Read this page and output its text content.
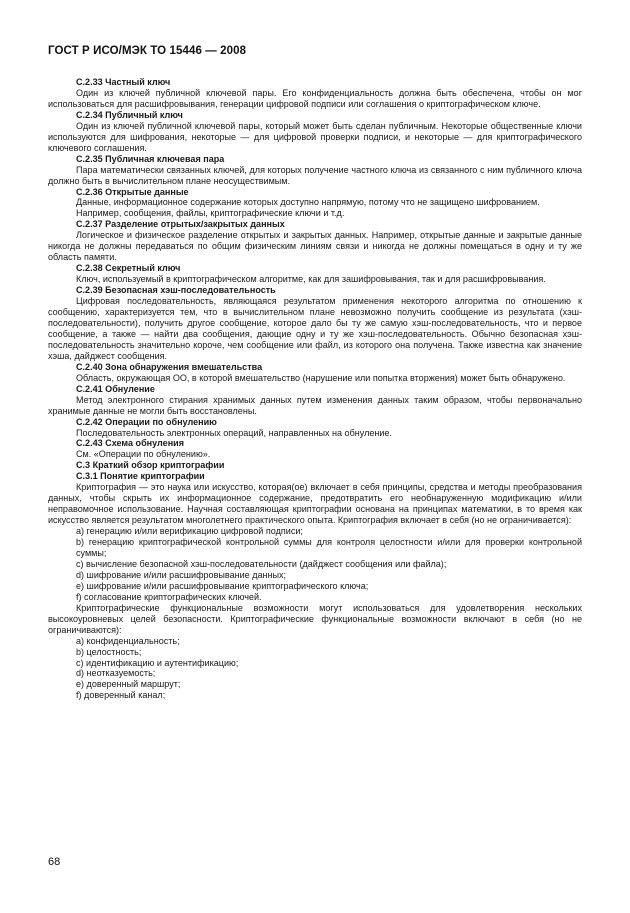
ГОСТ Р ИСО/МЭК ТО 15446 — 2008

С.2.33 Частный ключ

Один из ключей публичной ключевой пары. Его конфиденциальность должна быть обеспечена, чтобы он мог использоваться для расшифровывания, генерации цифровой подписи или соглашения о криптографическом ключе.

С.2.34 Публичный ключ

Один из ключей публичной ключевой пары, который может быть сделан публичным. Некоторые общественные ключи используются для шифрования, некоторые — для цифровой проверки подписи, и некоторые — для криптографического ключевого соглашения.

С.2.35 Публичная ключевая пара

Пара математически связанных ключей, для которых получение частного ключа из связанного с ним публичного ключа должно быть в вычислительном плане неосуществимым.

С.2.36 Открытые данные

Данные, информационное содержание которых доступно напрямую, потому что не защищено шифрованием.

Например, сообщения, файлы, криптографические ключи и т.д.

С.2.37 Разделение отрытых/закрытых данных

Логическое и физическое разделение открытых и закрытых данных. Например, открытые данные и закрытые данные никогда не должны передаваться по общим физическим линиям связи и никогда не должны помещаться в одну и ту же область памяти.

С.2.38 Секретный ключ

Ключ, используемый в криптографическом алгоритме, как для зашифровывания, так и для расшифровывания.

С.2.39 Безопасная хэш-последовательность

Цифровая последовательность, являющаяся результатом применения некоторого алгоритма по отношению к сообщению, характеризуется тем, что в вычислительном плане невозможно получить сообщение из результата (хэш-последовательности), получить другое сообщение, которое дало бы ту же самую хэш-последовательность, что и первое сообщение, а также — найти два сообщения, дающие одну и ту же хэш-последовательность. Обычно безопасная хэш-последовательность значительно короче, чем сообщение или файл, из которого она получена. Также известна как значение хэша, дайджест сообщения.

С.2.40 Зона обнаружения вмешательства

Область, окружающая ОО, в которой вмешательство (нарушение или попытка вторжения) может быть обнаружено.

С.2.41 Обнуление

Метод электронного стирания хранимых данных путем изменения данных таким образом, чтобы первоначально хранимые данные не могли быть восстановлены.

С.2.42 Операции по обнулению

Последовательность электронных операций, направленных на обнуление.

С.2.43 Схема обнуления

См. «Операции по обнулению».

С.3 Краткий обзор криптографии

С.3.1 Понятие криптографии

Криптография — это наука или искусство, которая(ое) включает в себя принципы, средства и методы преобразования данных, чтобы скрыть их информационное содержание, предотвратить его необнаруженную модификацию и/или неправомочное использование. Научная составляющая криптографии основана на принципах математики, в то время как искусство является результатом многолетнего практического опыта. Криптография включает в себя (но не ограничивается):

a) генерацию и/или верификацию цифровой подписи;

b) генерацию криптографической контрольной суммы для контроля целостности и/или для проверки контрольной суммы;

c) вычисление безопасной хэш-последовательности (дайджест сообщения или файла);

d) шифрование и/или расшифровывание данных;

e) шифрование и/или расшифровывание криптографического ключа;

f) согласование криптографических ключей.

Криптографические функциональные возможности могут использоваться для удовлетворения нескольких высокоуровневых целей безопасности. Криптографические функциональные возможности включают в себя (но не ограничиваются):

a) конфиденциальность;

b) целостность;

c) идентификацию и аутентификацию;

d) неотказуемость;

e) доверенный маршрут;

f) доверенный канал;

68
